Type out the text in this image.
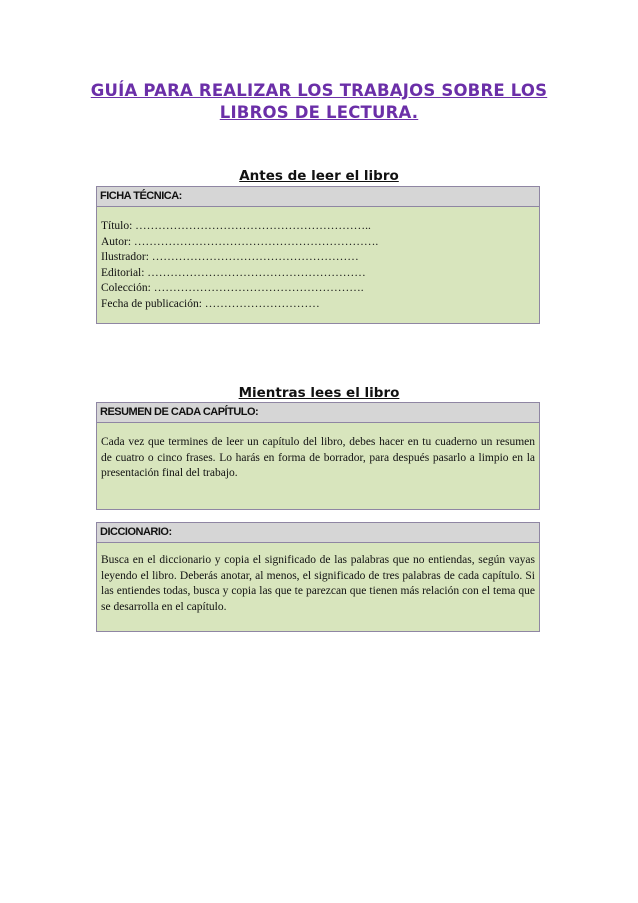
GUÍA PARA REALIZAR LOS TRABAJOS SOBRE LOS
LIBROS DE LECTURA.
Antes de leer el libro
FICHA TÉCNICA:
Título: ……………………………………………………..
Autor: ……………………………………………………….
Ilustrador: ………………………………………………
Editorial: …………………………………………………
Colección: ……………………………………………….
Fecha de publicación: …………………………
Mientras lees el libro
RESUMEN DE CADA CAPÍTULO:
Cada vez que termines de leer un capítulo del libro, debes hacer en tu cuaderno un resumen de cuatro o cinco frases. Lo harás en forma de borrador, para después pasarlo a limpio en la presentación final del trabajo.
DICCIONARIO:
Busca en el diccionario y copia el significado de las palabras que no entiendas, según vayas leyendo el libro. Deberás anotar, al menos, el significado de tres palabras de cada capítulo. Si las entiendes todas, busca y copia las que te parezcan que tienen más relación con el tema que se desarrolla en el capítulo.
